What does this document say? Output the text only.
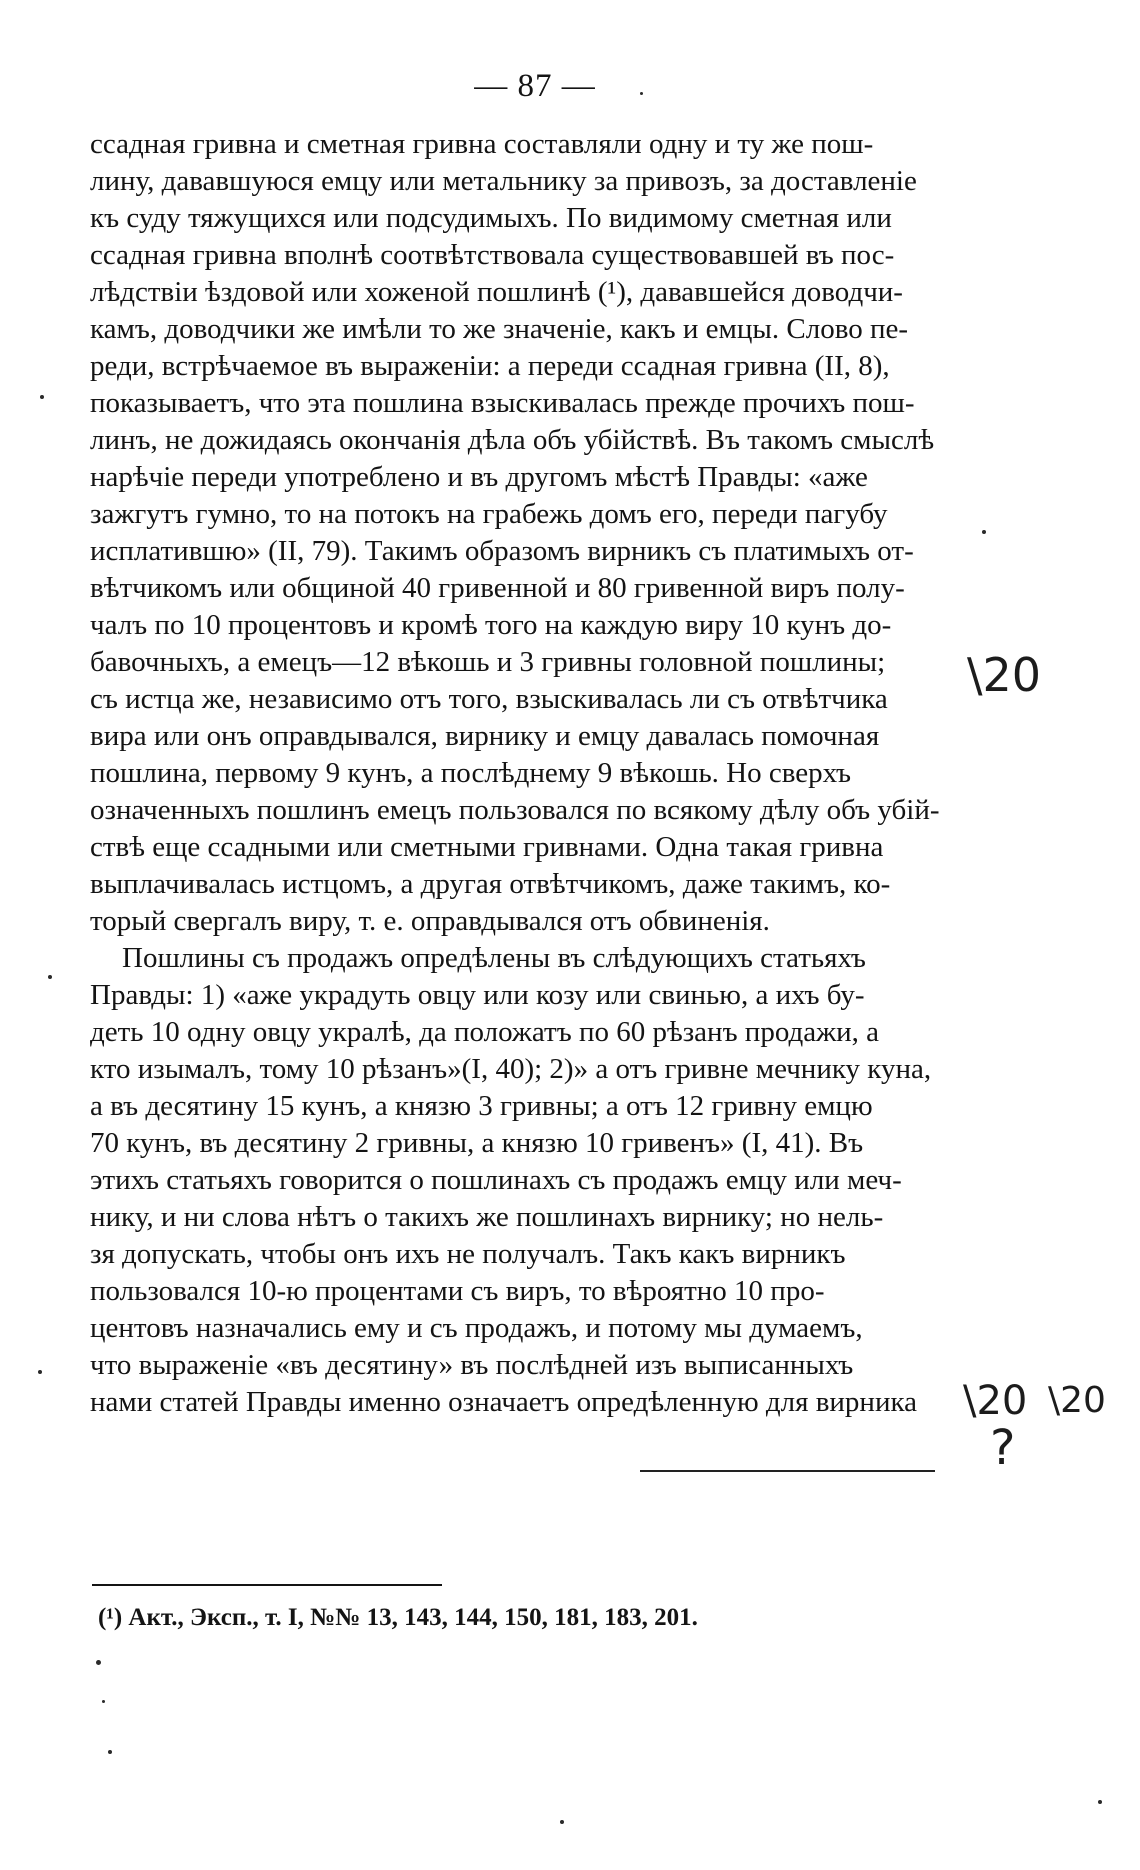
— 87 —
ссадная гривна и сметная гривна составляли одну и ту же пош-
лину, дававшуюся емцу или метальнику за привозъ, за доставленіе
къ суду тяжущихся или подсудимыхъ. По видимому сметная или
ссадная гривна вполнѣ соотвѣтствовала существовавшей въ пос-
лѣдствіи ѣздовой или хоженой пошлинѣ (¹), дававшейся доводчи-
камъ, доводчики же имѣли то же значеніе, какъ и емцы. Слово пе-
реди, встрѣчаемое въ выраженіи: а переди ссадная гривна (II, 8),
показываетъ, что эта пошлина взыскивалась прежде прочихъ пош-
линъ, не дожидаясь окончанія дѣла объ убійствѣ. Въ такомъ смыслѣ
нарѣчіе переди употреблено и въ другомъ мѣстѣ Правды: «аже
зажгутъ гумно, то на потокъ на грабежь домъ его, переди пагубу
исплатившю» (II, 79). Такимъ образомъ вирникъ съ платимыхъ от-
вѣтчикомъ или общиной 40 гривенной и 80 гривенной виръ полу-
чалъ по 10 процентовъ и кромѣ того на каждую виру 10 кунъ до-
бавочныхъ, а емецъ—12 вѣкошь и 3 гривны головной пошлины;
съ истца же, независимо отъ того, взыскивалась ли съ отвѣтчика
вира или онъ оправдывался, вирнику и емцу давалась помочная
пошлина, первому 9 кунъ, а послѣднему 9 вѣкошь. Но сверхъ
означенныхъ пошлинъ емецъ пользовался по всякому дѣлу объ убій-
ствѣ еще ссадными или сметными гривнами. Одна такая гривна
выплачивалась истцомъ, а другая отвѣтчикомъ, даже такимъ, ко-
торый свергалъ виру, т. е. оправдывался отъ обвиненія.
Пошлины съ продажъ опредѣлены въ слѣдующихъ статьяхъ
Правды: 1) «аже украдуть овцу или козу или свинью, а ихъ бу-
деть 10 одну овцу укралѣ, да положатъ по 60 рѣзанъ продажи, а
кто изымалъ, тому 10 рѣзанъ»(I, 40); 2)» а отъ гривне мечнику куна,
а въ десятину 15 кунъ, а князю 3 гривны; а отъ 12 гривну емцю
70 кунъ, въ десятину 2 гривны, а князю 10 гривенъ» (I, 41). Въ
этихъ статьяхъ говорится о пошлинахъ съ продажъ емцу или меч-
нику, и ни слова нѣтъ о такихъ же пошлинахъ вирнику; но нель-
зя допускать, чтобы онъ ихъ не получалъ. Такъ какъ вирникъ
пользовался 10-ю процентами съ виръ, то вѣроятно 10 про-
центовъ назначались ему и съ продажъ, и потому мы думаемъ,
что выраженіе «въ десятину» въ послѣдней изъ выписанныхъ
нами статей Правды именно означаетъ опредѣленную для вирника
(¹) Акт., Эксп., т. I, №№ 13, 143, 144, 150, 181, 183, 201.
\20
\20 \20
?
